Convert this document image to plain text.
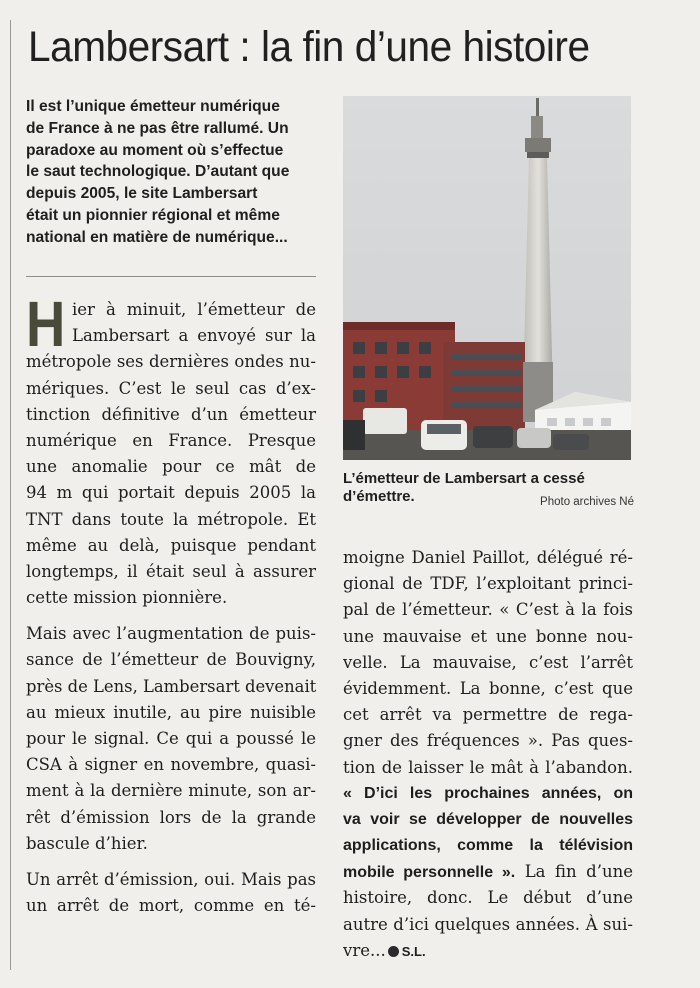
Lambersart : la fin d’une histoire
Il est l’unique émetteur numérique
de France à ne pas être rallumé. Un
paradoxe au moment où s’effectue
le saut technologique. D’autant que
depuis 2005, le site Lambersart
était un pionnier régional et même
national en matière de numérique...
L’émetteur de Lambersart a cessé
d’émettre.	Photo archives Né
H ier à minuit, l’émetteur de
Lambersart a envoyé sur la
métropole ses dernières ondes nu-
mériques. C’est le seul cas d’ex-
tinction définitive d’un émetteur
numérique en France. Presque
une anomalie pour ce mât de
94 m qui portait depuis 2005 la
TNT dans toute la métropole. Et
même au delà, puisque pendant
longtemps, il était seul à assurer
cette mission pionnière.
Mais avec l’augmentation de puis-
sance de l’émetteur de Bouvigny,
près de Lens, Lambersart devenait
au mieux inutile, au pire nuisible
pour le signal. Ce qui a poussé le
CSA à signer en novembre, quasi-
ment à la dernière minute, son ar-
rêt d’émission lors de la grande
bascule d’hier.
Un arrêt d’émission, oui. Mais pas
un arrêt de mort, comme en té-
moigne Daniel Paillot, délégué ré-
gional de TDF, l’exploitant princi-
pal de l’émetteur. « C’est à la fois
une mauvaise et une bonne nou-
velle. La mauvaise, c’est l’arrêt
évidemment. La bonne, c’est que
cet arrêt va permettre de rega-
gner des fréquences ». Pas ques-
tion de laisser le mât à l’abandon.
« D’ici les prochaines années, on
va voir se développer de nouvelles
applications, comme la télévision
mobile personnelle ». La fin d’une
histoire, donc. Le début d’une
autre d’ici quelques années. À sui-
vre... S.L.
